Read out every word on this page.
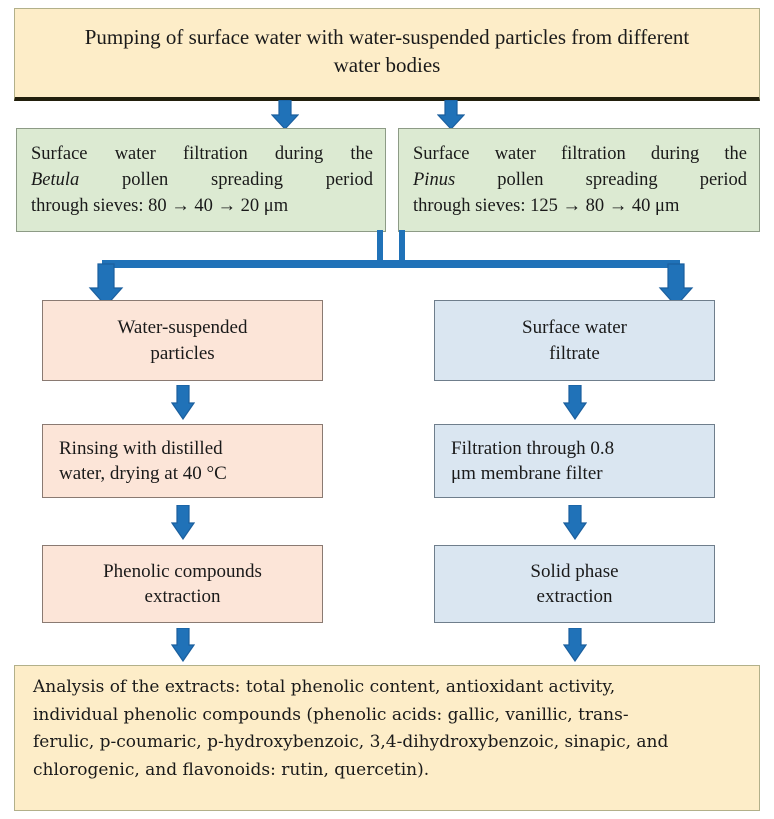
Pumping of surface water with water-suspended particles from different
water bodies
Surface water filtration during the
Betula pollen spreading period
through sieves: 80 → 40 → 20 μm
Surface water filtration during the
Pinus pollen spreading period
through sieves: 125 → 80 → 40 μm
Water-suspended
particles
Rinsing with distilled
water, drying at 40 °C
Phenolic compounds
extraction
Surface water
filtrate
Filtration through 0.8
μm membrane filter
Solid phase
extraction
Analysis of the extracts: total phenolic content, antioxidant activity,
individual phenolic compounds (phenolic acids: gallic, vanillic, trans-
ferulic, p-coumaric, p-hydroxybenzoic, 3,4-dihydroxybenzoic, sinapic, and
chlorogenic, and flavonoids: rutin, quercetin).
